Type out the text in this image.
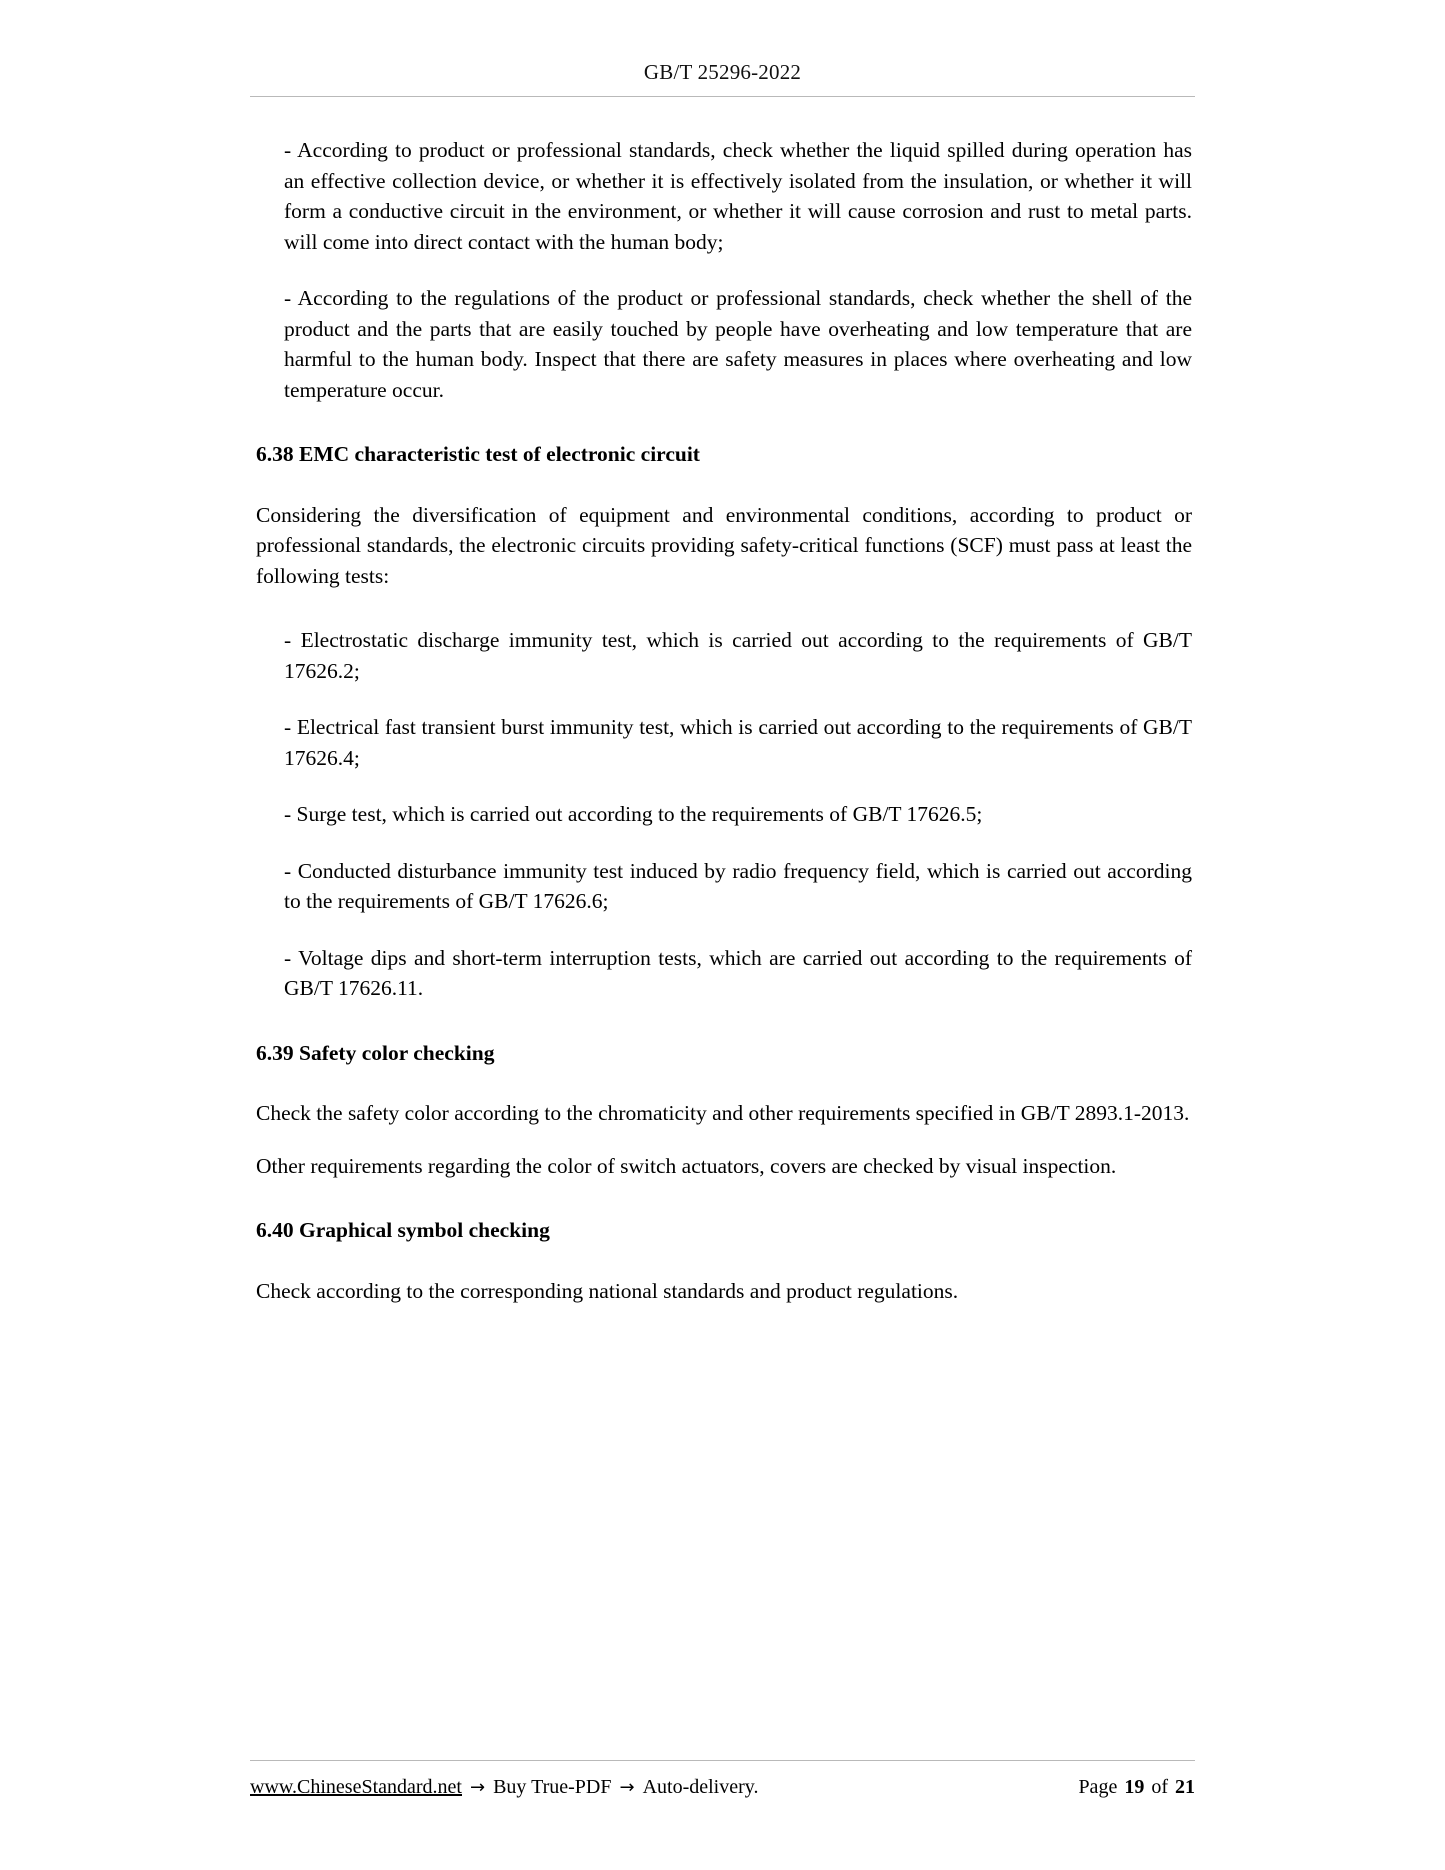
GB/T 25296-2022

- According to product or professional standards, check whether the liquid spilled during operation has an effective collection device, or whether it is effectively isolated from the insulation, or whether it will form a conductive circuit in the environment, or whether it will cause corrosion and rust to metal parts. will come into direct contact with the human body;

- According to the regulations of the product or professional standards, check whether the shell of the product and the parts that are easily touched by people have overheating and low temperature that are harmful to the human body. Inspect that there are safety measures in places where overheating and low temperature occur.

6.38 EMC characteristic test of electronic circuit

Considering the diversification of equipment and environmental conditions, according to product or professional standards, the electronic circuits providing safety-critical functions (SCF) must pass at least the following tests:

- Electrostatic discharge immunity test, which is carried out according to the requirements of GB/T 17626.2;

- Electrical fast transient burst immunity test, which is carried out according to the requirements of GB/T 17626.4;

- Surge test, which is carried out according to the requirements of GB/T 17626.5;

- Conducted disturbance immunity test induced by radio frequency field, which is carried out according to the requirements of GB/T 17626.6;

- Voltage dips and short-term interruption tests, which are carried out according to the requirements of GB/T 17626.11.

6.39 Safety color checking

Check the safety color according to the chromaticity and other requirements specified in GB/T 2893.1-2013.

Other requirements regarding the color of switch actuators, covers are checked by visual inspection.

6.40 Graphical symbol checking

Check according to the corresponding national standards and product regulations.

www.ChineseStandard.net → Buy True-PDF → Auto-delivery.	Page 19 of 21
